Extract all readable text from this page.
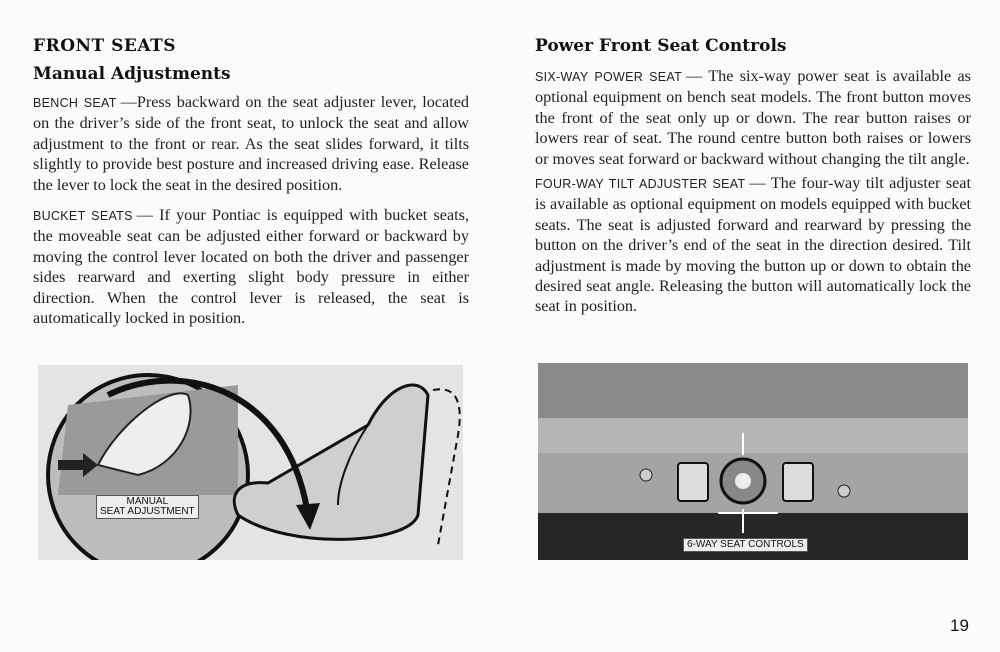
FRONT SEATS
Manual Adjustments

BENCH SEAT —Press backward on the seat adjuster lever, located on the driver’s side of the front seat, to unlock the seat and allow adjustment to the front or rear. As the seat slides forward, it tilts slightly to provide best posture and increased driving ease. Release the lever to lock the seat in the desired position.

BUCKET SEATS — If your Pontiac is equipped with bucket seats, the moveable seat can be adjusted either forward or backward by moving the control lever located on both the driver and passenger sides rearward and exerting slight body pressure in either direction. When the control lever is released, the seat is automatically locked in position.

Power Front Seat Controls

SIX-WAY POWER SEAT — The six-way power seat is available as optional equipment on bench seat models. The front button moves the front of the seat only up or down. The rear button raises or lowers rear of seat. The round centre button both raises or lowers or moves seat forward or backward without changing the tilt angle.

FOUR-WAY TILT ADJUSTER SEAT — The four-way tilt adjuster seat is available as optional equipment on models equipped with bucket seats. The seat is adjusted forward and rearward by pressing the button on the driver’s end of the seat in the direction desired. Tilt adjustment is made by moving the button up or down to obtain the desired seat angle. Releasing the button will automatically lock the seat in position.

MANUAL
SEAT ADJUSTMENT
6-WAY SEAT CONTROLS
19
